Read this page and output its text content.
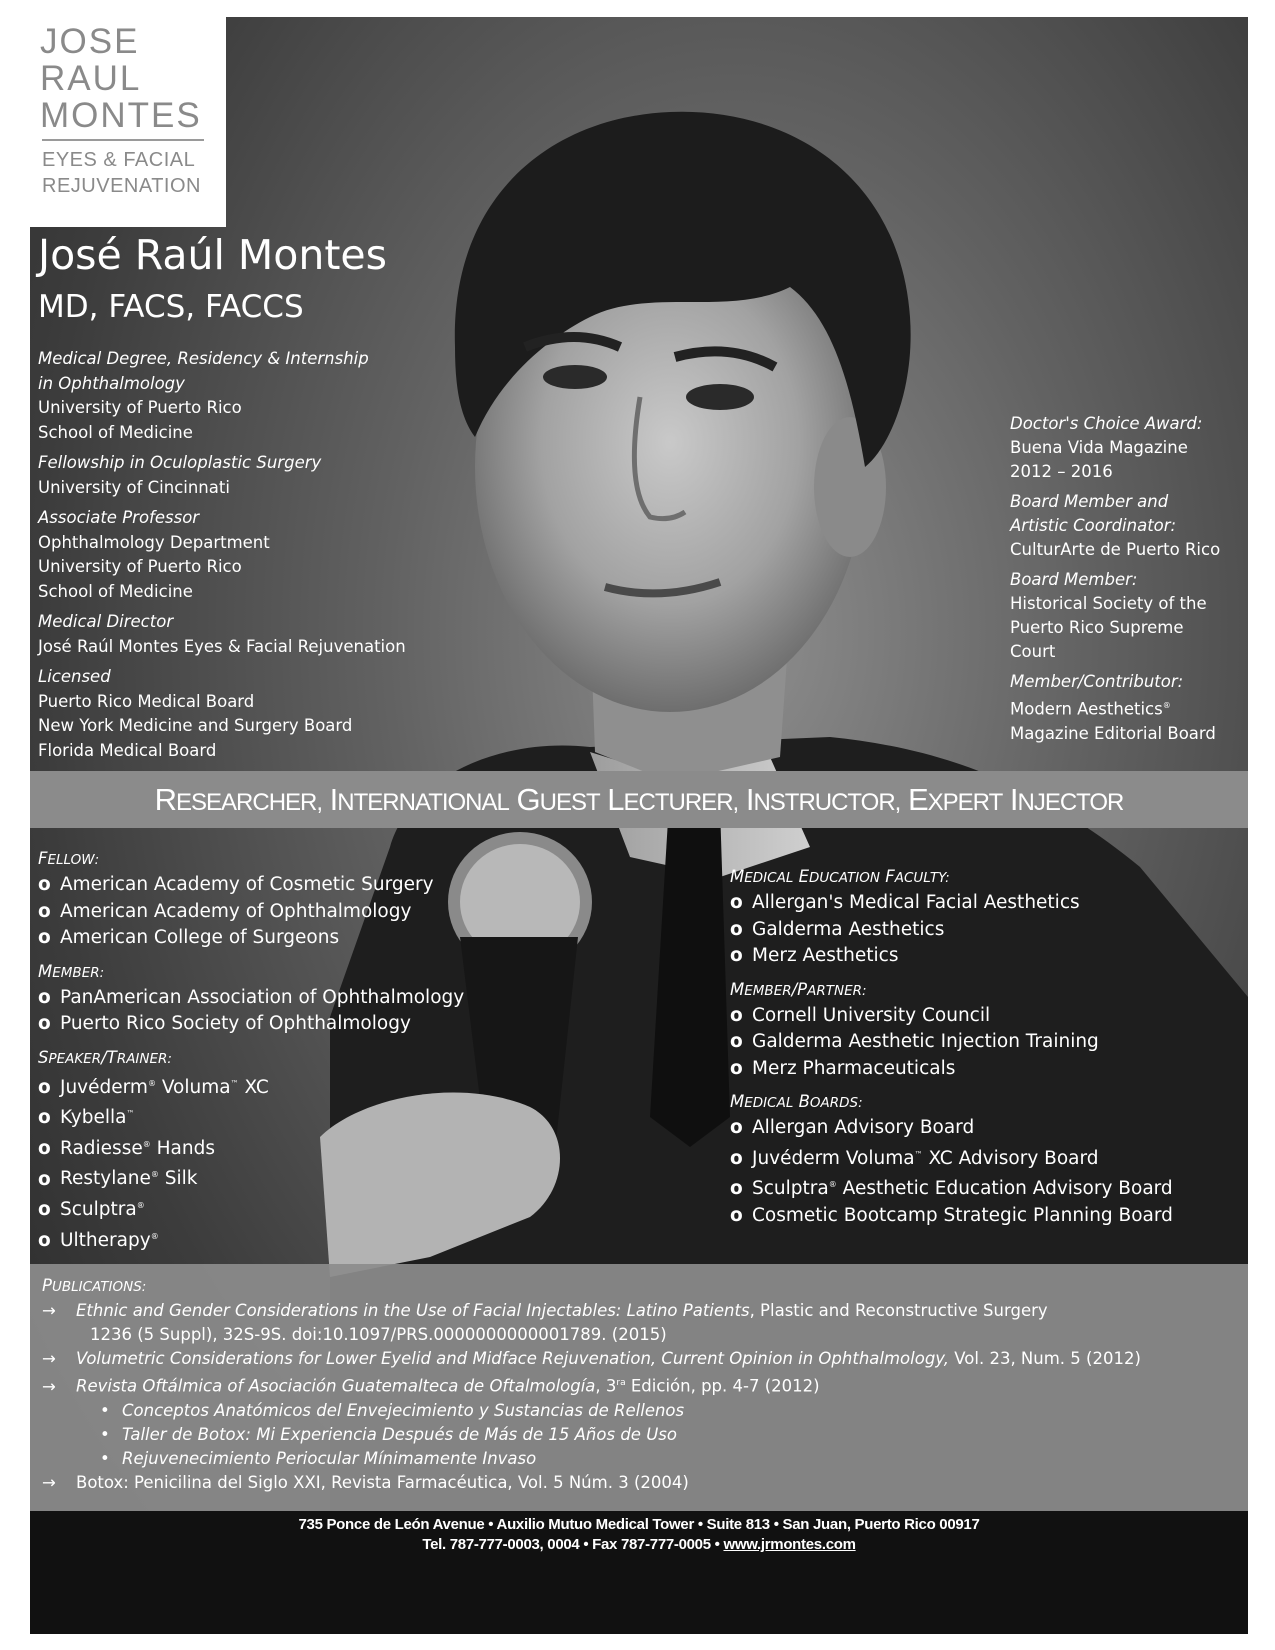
JOSE
RAUL
MONTES
EYES & FACIAL
REJUVENATION
José Raúl Montes
MD, FACS, FACCS
Medical Degree, Residency & Internship
in Ophthalmology
University of Puerto Rico
School of Medicine
Fellowship in Oculoplastic Surgery
University of Cincinnati
Associate Professor
Ophthalmology Department
University of Puerto Rico
School of Medicine
Medical Director
José Raúl Montes Eyes & Facial Rejuvenation
Licensed
Puerto Rico Medical Board
New York Medicine and Surgery Board
Florida Medical Board
Doctor's Choice Award:
Buena Vida Magazine
2012 – 2016
Board Member and
Artistic Coordinator:
CulturArte de Puerto Rico
Board Member:
Historical Society of the
Puerto Rico Supreme
Court
Member/Contributor:
Modern Aesthetics®
Magazine Editorial Board
RESEARCHER, INTERNATIONAL GUEST LECTURER, INSTRUCTOR, EXPERT INJECTOR
FELLOW:
o American Academy of Cosmetic Surgery
o American Academy of Ophthalmology
o American College of Surgeons
MEMBER:
o PanAmerican Association of Ophthalmology
o Puerto Rico Society of Ophthalmology
SPEAKER/TRAINER:
o Juvéderm® Voluma™ XC
o Kybella™
o Radiesse® Hands
o Restylane® Silk
o Sculptra®
o Ultherapy®
MEDICAL EDUCATION FACULTY:
o Allergan's Medical Facial Aesthetics
o Galderma Aesthetics
o Merz Aesthetics
MEMBER/PARTNER:
o Cornell University Council
o Galderma Aesthetic Injection Training
o Merz Pharmaceuticals
MEDICAL BOARDS:
o Allergan Advisory Board
o Juvéderm Voluma™ XC Advisory Board
o Sculptra® Aesthetic Education Advisory Board
o Cosmetic Bootcamp Strategic Planning Board
PUBLICATIONS:
→ Ethnic and Gender Considerations in the Use of Facial Injectables: Latino Patients, Plastic and Reconstructive Surgery
1236 (5 Suppl), 32S-9S. doi:10.1097/PRS.0000000000001789. (2015)
→ Volumetric Considerations for Lower Eyelid and Midface Rejuvenation, Current Opinion in Ophthalmology, Vol. 23, Num. 5 (2012)
→ Revista Oftálmica of Asociación Guatemalteca de Oftalmología, $3^{ra}$ Edición, pp. 4-7 (2012)
• Conceptos Anatómicos del Envejecimiento y Sustancias de Rellenos
• Taller de Botox: Mi Experiencia Después de Más de 15 Años de Uso
• Rejuvenecimiento Periocular Mínimamente Invaso
→ Botox: Penicilina del Siglo XXI, Revista Farmacéutica, Vol. 5 Núm. 3 (2004)
735 Ponce de León Avenue • Auxilio Mutuo Medical Tower • Suite 813 • San Juan, Puerto Rico 00917
Tel. 787-777-0003, 0004 • Fax 787-777-0005 • www.jrmontes.com
